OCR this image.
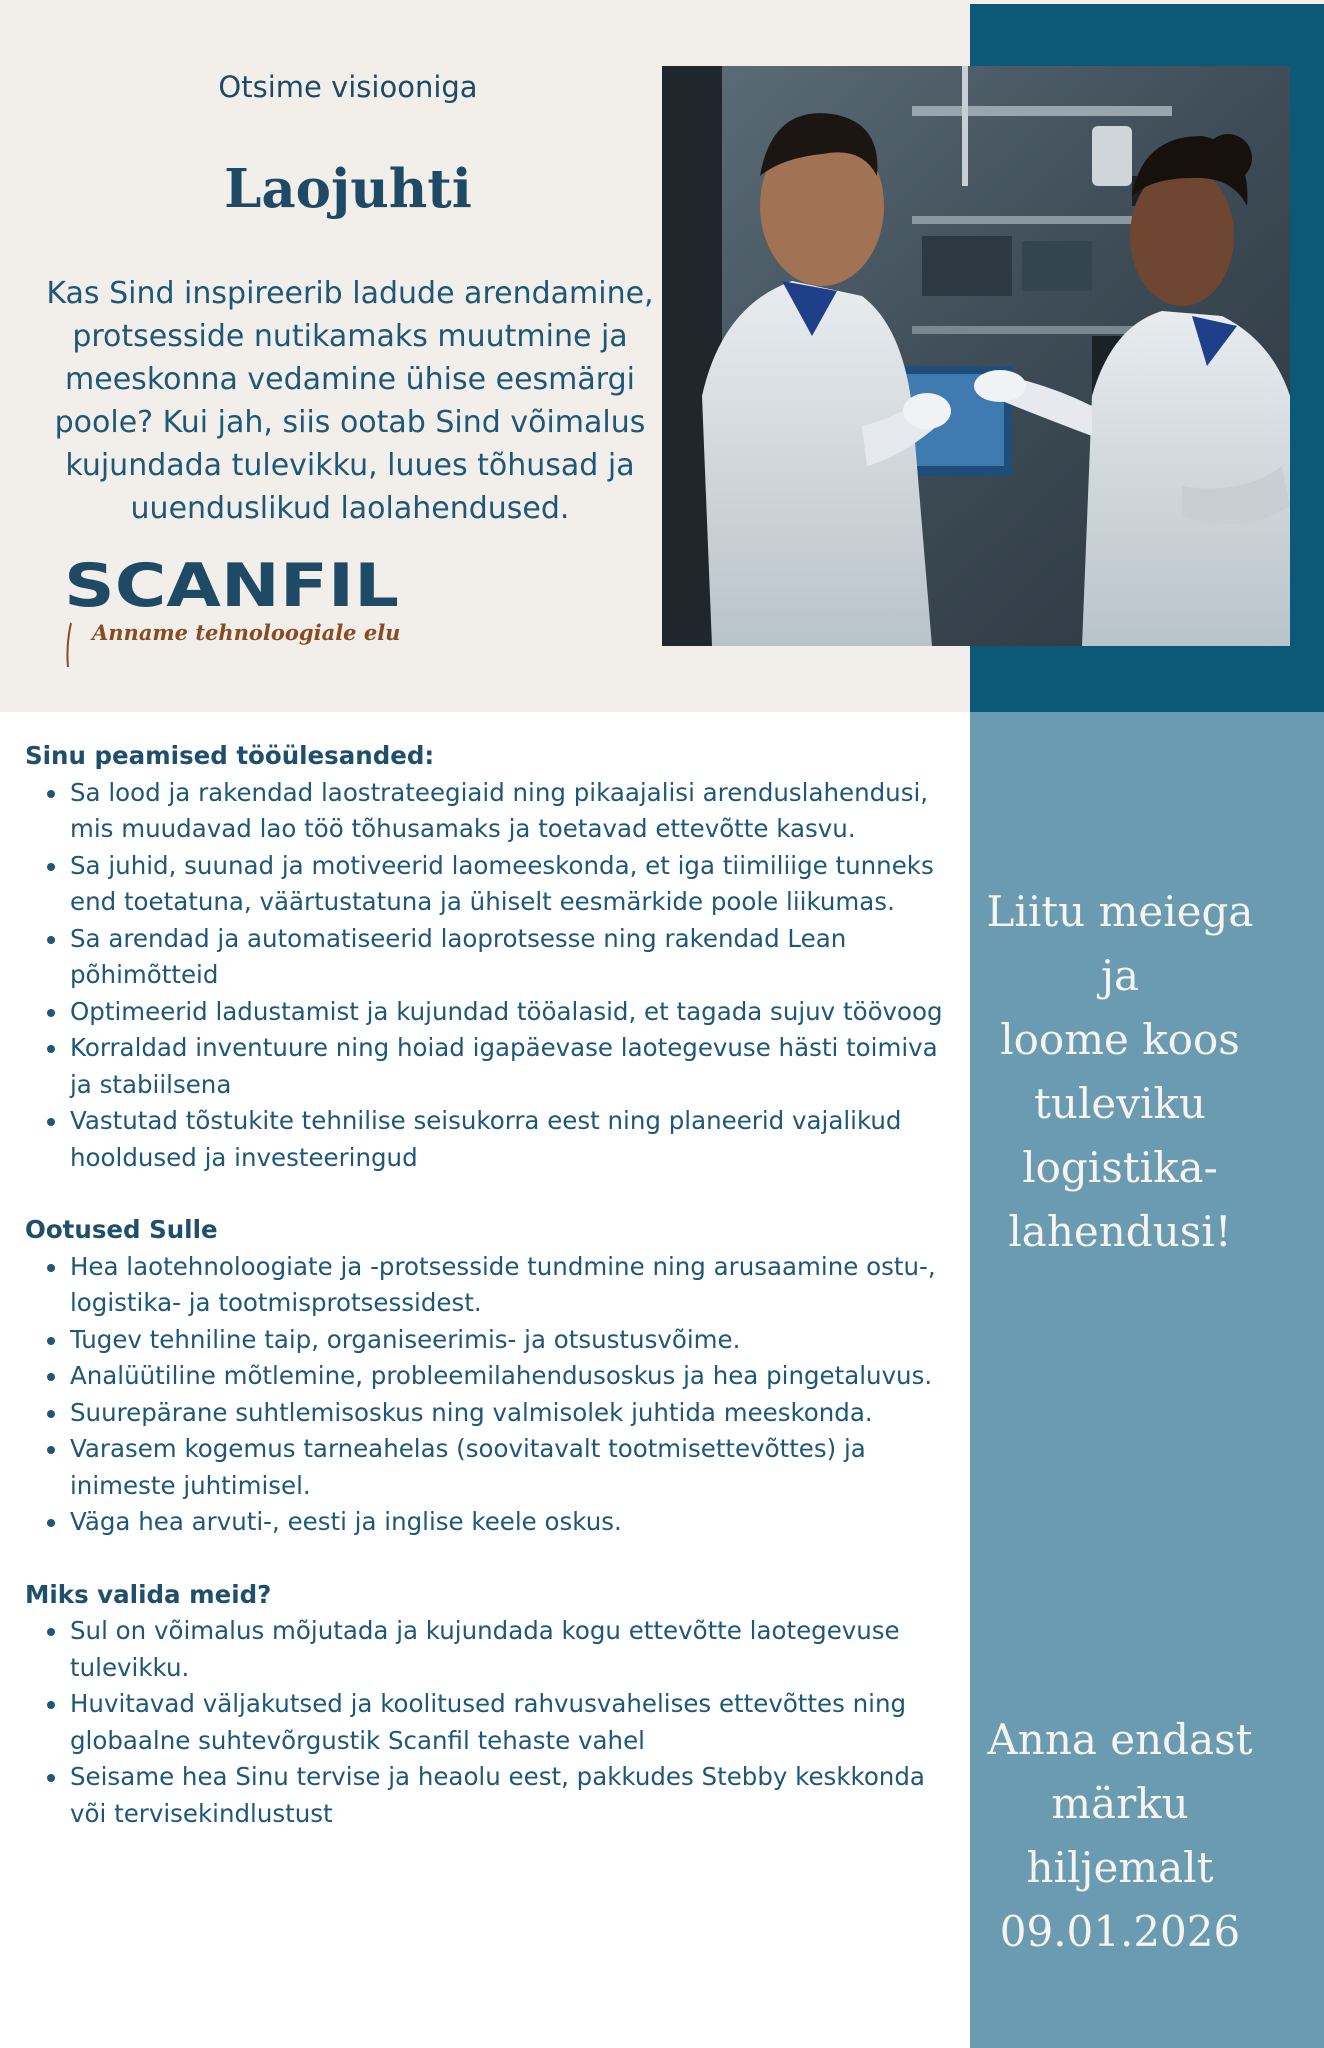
Otsime visiooniga
Laojuhti

Kas Sind inspireerib ladude arendamine, protsesside nutikamaks muutmine ja meeskonna vedamine ühise eesmärgi poole? Kui jah, siis ootab Sind võimalus kujundada tulevikku, luues tõhusad ja uuenduslikud laolahendused.

SCANFIL
Anname tehnoloogiale elu
Sinu peamised tööülesanded:
Sa lood ja rakendad laostrateegiaid ning pikaajalisi arenduslahendusi, mis muudavad lao töö tõhusamaks ja toetavad ettevõtte kasvu.
Sa juhid, suunad ja motiveerid laomeeskonda, et iga tiimiliige tunneks end toetatuna, väärtustatuna ja ühiselt eesmärkide poole liikumas.
Sa arendad ja automatiseerid laoprotsesse ning rakendad Lean põhimõtteid
Optimeerid ladustamist ja kujundad tööalasid, et tagada sujuv töövoog
Korraldad inventuure ning hoiad igapäevase laotegevuse hästi toimiva ja stabiilsena
Vastutad tõstukite tehnilise seisukorra eest ning planeerid vajalikud hooldused ja investeeringud
Ootused Sulle
Hea laotehnoloogiate ja -protsesside tundmine ning arusaamine ostu-, logistika- ja tootmisprotsessidest.
Tugev tehniline taip, organiseerimis- ja otsustusvõime.
Analüütiline mõtlemine, probleemilahendusoskus ja hea pingetaluvus.
Suurepärane suhtlemisoskus ning valmisolek juhtida meeskonda.
Varasem kogemus tarneahelas (soovitavalt tootmisettevõttes) ja inimeste juhtimisel.
Väga hea arvuti-, eesti ja inglise keele oskus.
Miks valida meid?
Sul on võimalus mõjutada ja kujundada kogu ettevõtte laotegevuse tulevikku.
Huvitavad väljakutsed ja koolitused rahvusvahelises ettevõttes ning globaalne suhtevõrgustik Scanfil tehaste vahel
Seisame hea Sinu tervise ja heaolu eest, pakkudes Stebby keskkonda või tervisekindlustust
Liitu meiega
ja
loome koos
tuleviku
logistika-
lahendusi!
Anna endast
märku
hiljemalt
09.01.2026
